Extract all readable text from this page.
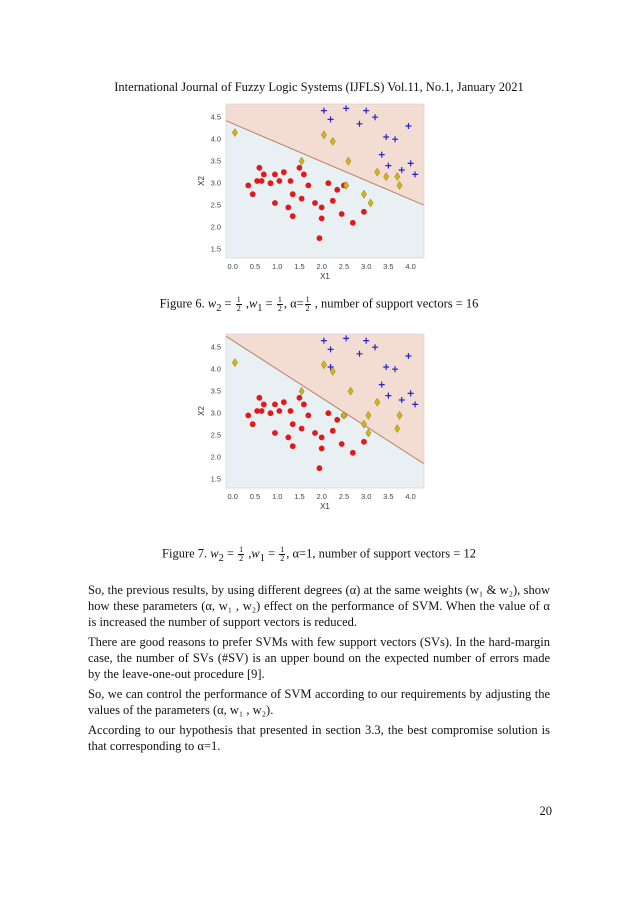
International Journal of Fuzzy Logic Systems (IJFLS) Vol.11, No.1, January 2021
0.0 0.5 1.0 1.5 2.0 2.5 3.0 3.5 4.0
1.5
2.0
2.5
3.0
3.5
4.0
4.5
X1
X2
Figure 6. $w_2 = \frac{1}{2} ,w_1 = \frac{1}{2}$ , $\alpha= \frac{1}{2}$ , number of support vectors = 16
0.0 0.5 1.0 1.5 2.0 2.5 3.0 3.5 4.0
1.5
2.0
2.5
3.0
3.5
4.0
4.5
X1
X2
Figure 7. $w_2 = \frac{1}{2} ,w_1 = \frac{1}{2}$ , α=1, number of support vectors = 12

So, the previous results, by using different degrees (α) at the same weights (w₁ & w₂), show how these parameters (α, w₁ , w₂) effect on the performance of SVM. When the value of α is increased the number of support vectors is reduced.

There are good reasons to prefer SVMs with few support vectors (SVs). In the hard-margin case, the number of SVs (#SV) is an upper bound on the expected number of errors made by the leave-one-out procedure [9].

So, we can control the performance of SVM according to our requirements by adjusting the values of the parameters (α, w₁ , w₂).

According to our hypothesis that presented in section 3.3, the best compromise solution is that corresponding to α=1.

20
